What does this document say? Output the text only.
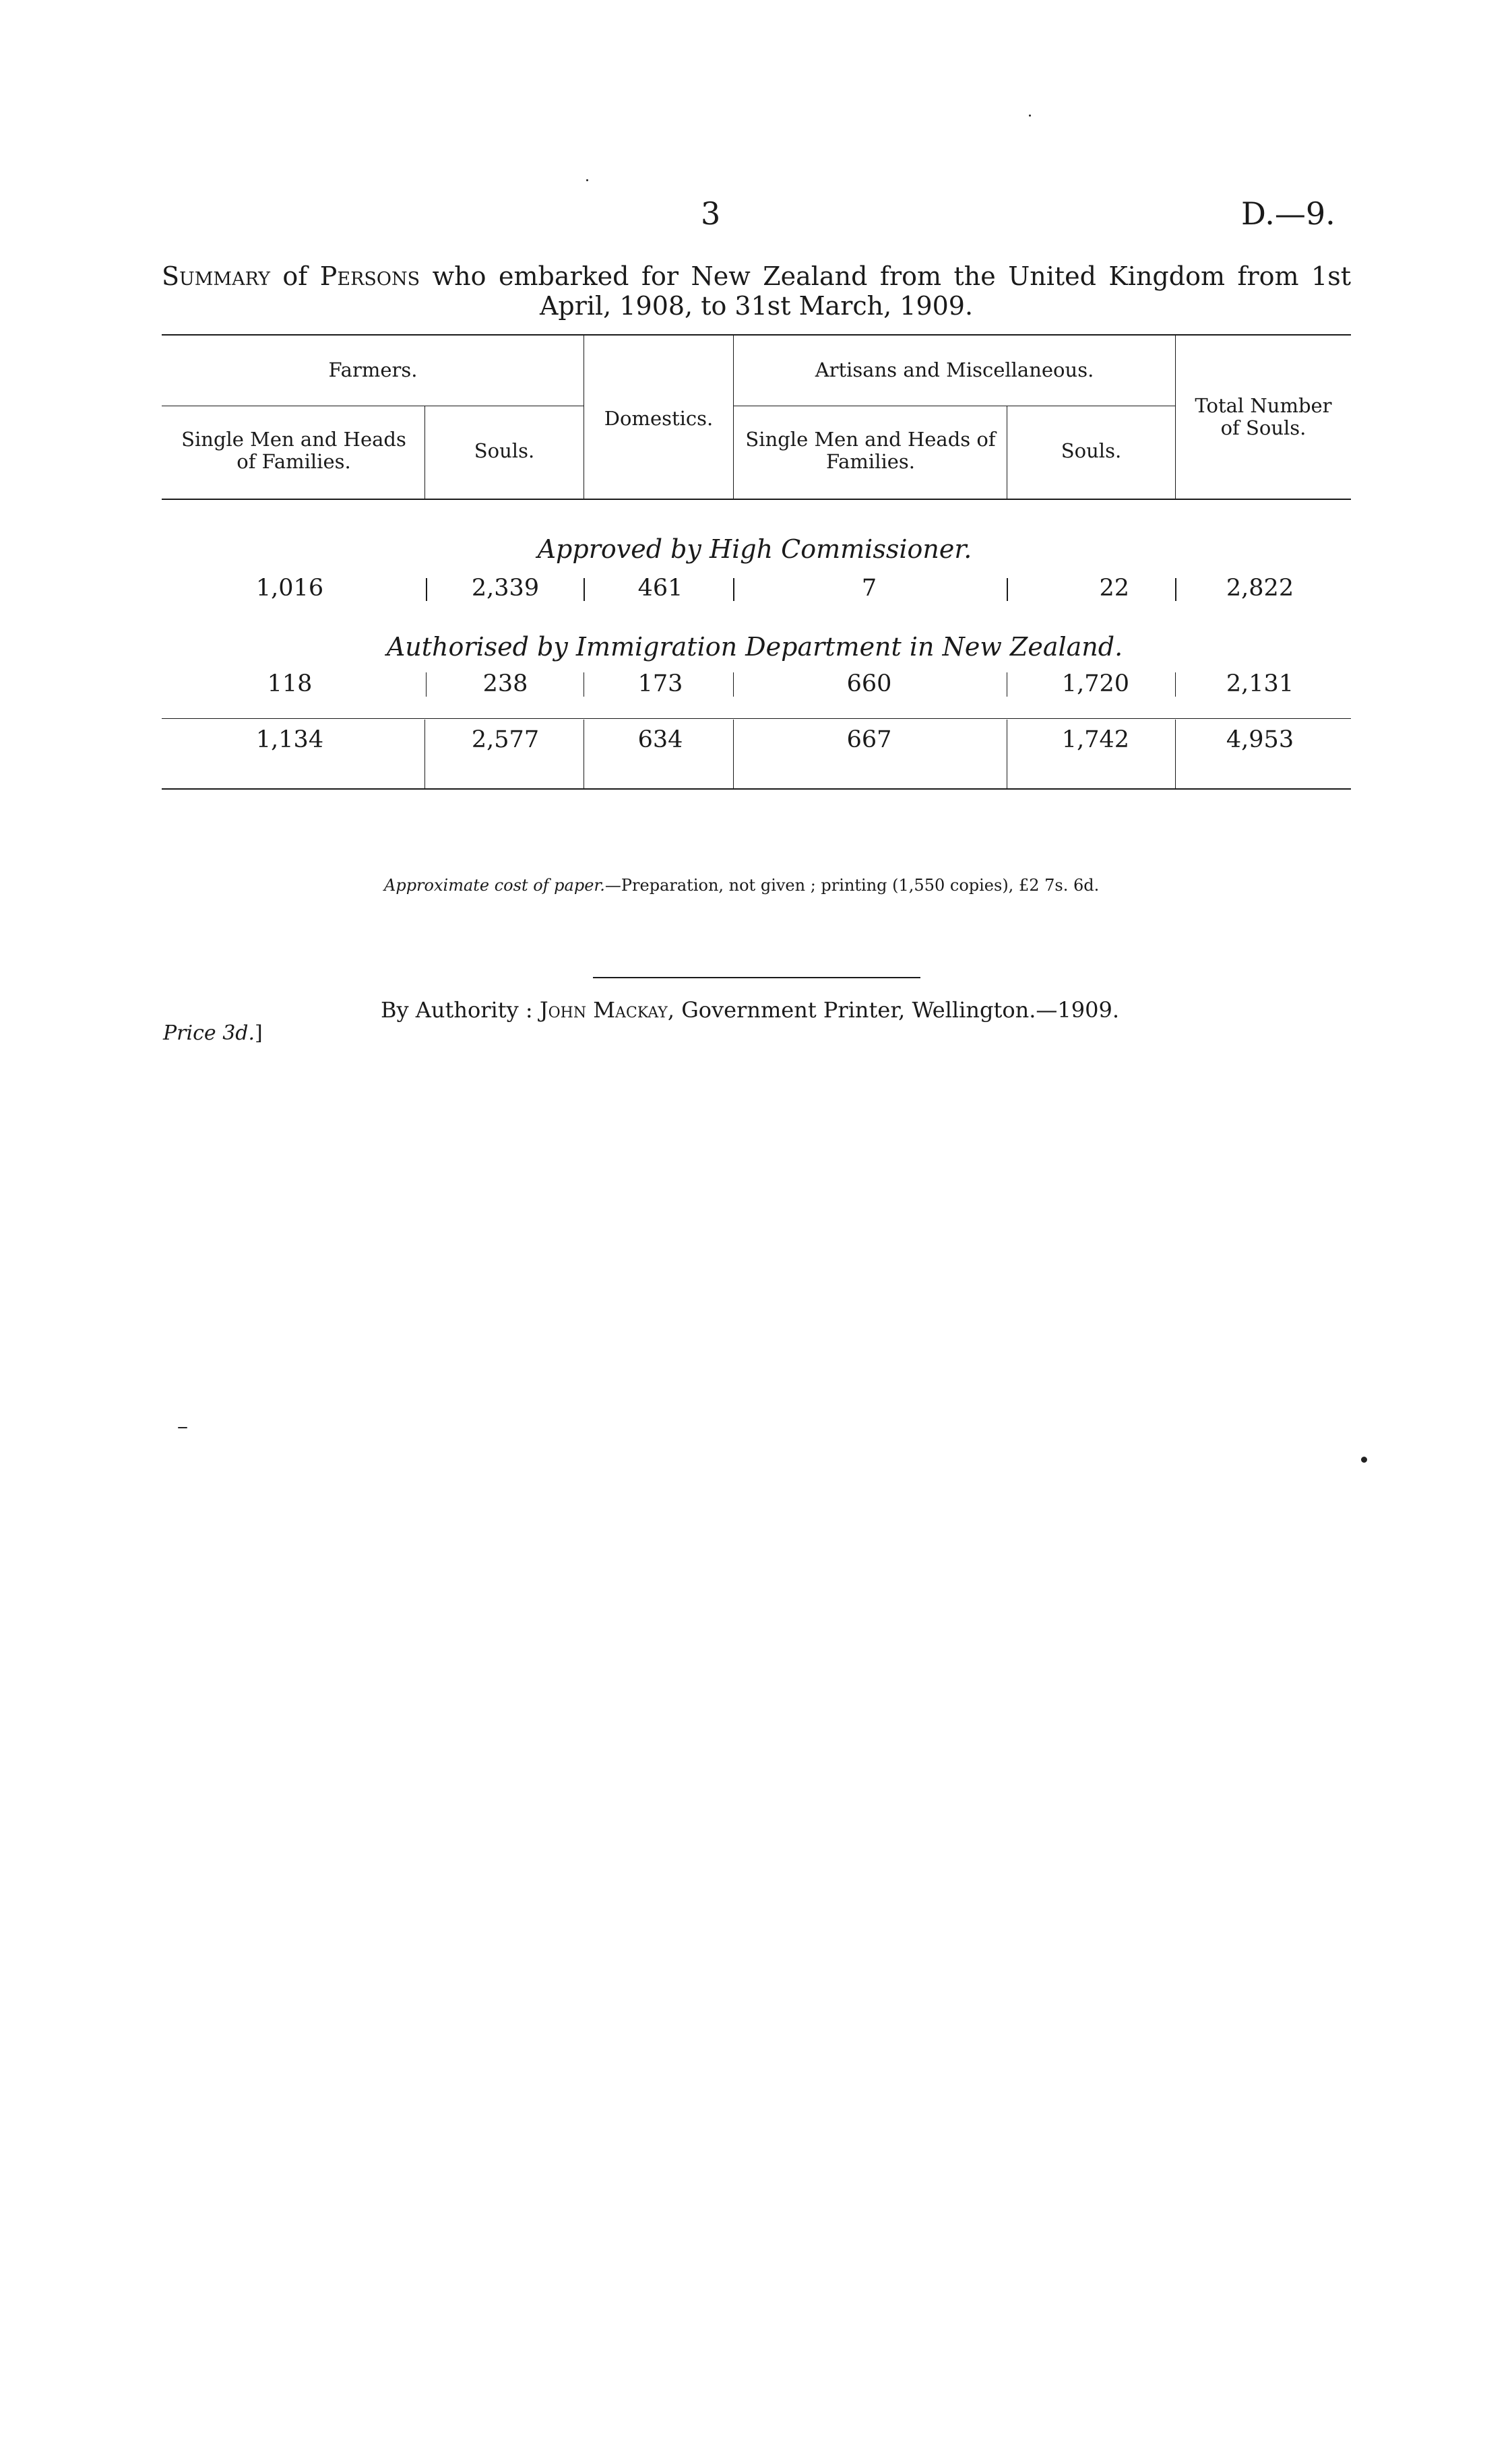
3	D.—9.
Summary of Persons who embarked for New Zealand from the United Kingdom from 1st April, 1908, to 31st March, 1909.
Farmers.
Single Men and Heads of Families.	Souls.
Domestics.
Artisans and Miscellaneous.
Single Men and Heads of Families.	Souls.
Total Number of Souls.
Approved by High Commissioner.
1,016	2,339	461	7	22	2,822
Authorised by Immigration Department in New Zealand.
118	238	173	660	1,720	2,131
1,134	2,577	634	667	1,742	4,953
Approximate cost of paper.—Preparation, not given ; printing (1,550 copies), £2 7s. 6d.
By Authority : John Mackay, Government Printer, Wellington.—1909.
Price 3d.]
